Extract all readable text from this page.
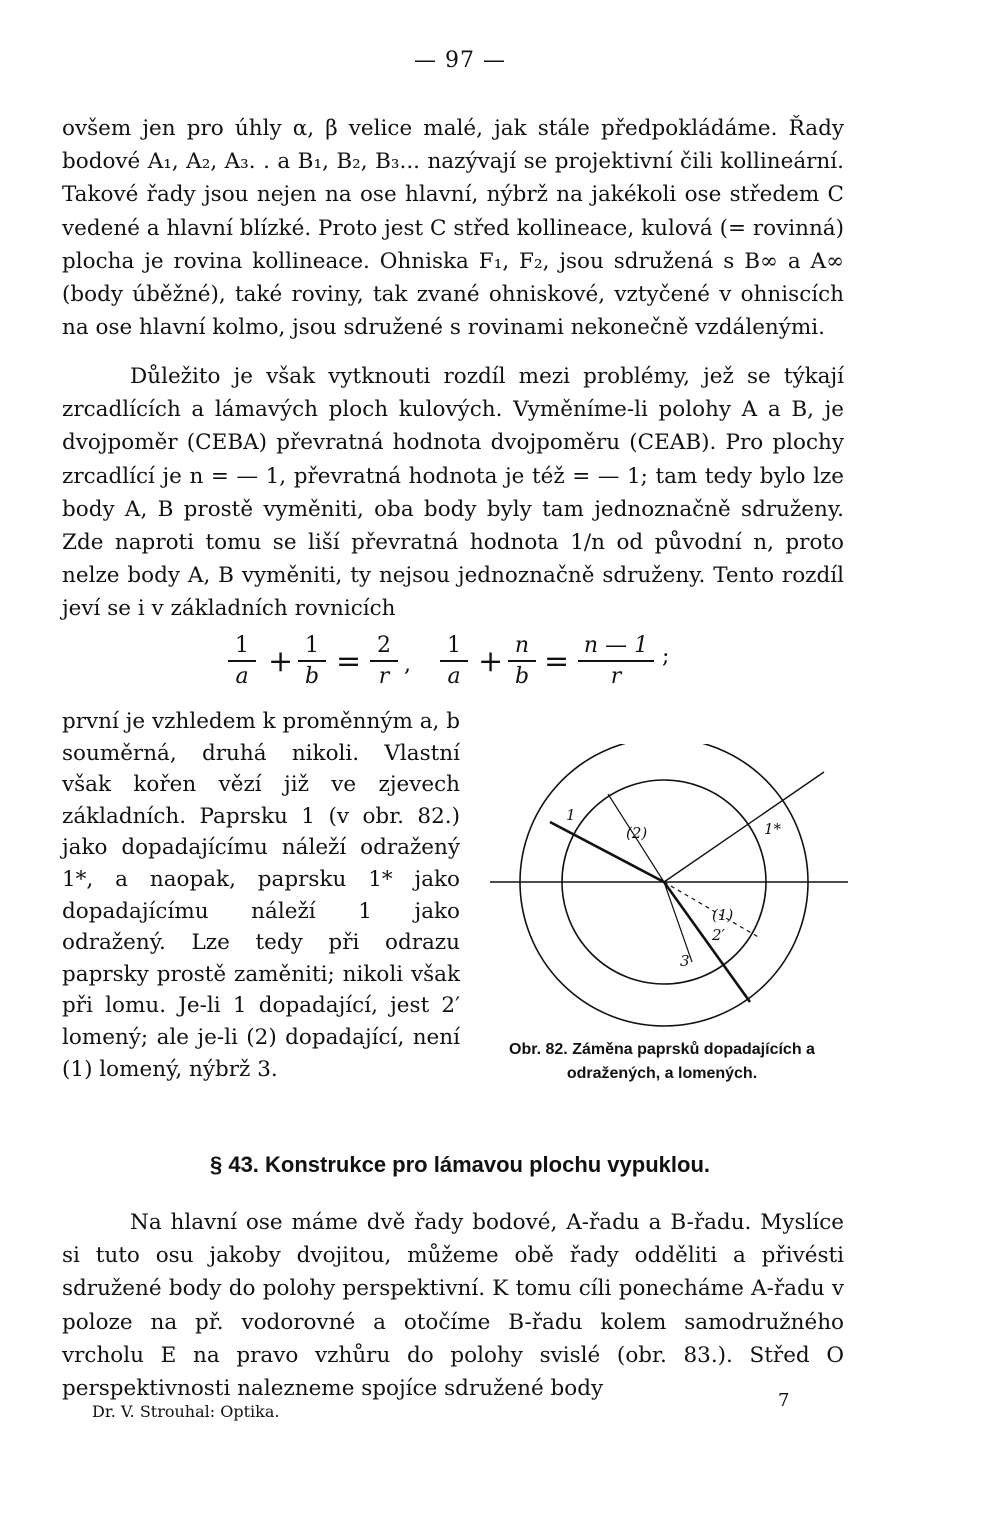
— 97 —
ovšem jen pro úhly α, β velice malé, jak stále předpokládáme. Řady bodové A₁, A₂, A₃. . a B₁, B₂, B₃... nazývají se projektivní čili kollineární. Takové řady jsou nejen na ose hlavní, nýbrž na jakékoli ose středem C vedené a hlavní blízké. Proto jest C střed kollineace, kulová (= rovinná) plocha je rovina kollineace. Ohniska F₁, F₂, jsou sdružená s B∞ a A∞ (body úběžné), také roviny, tak zvané ohniskové, vztyčené v ohniscích na ose hlavní kolmo, jsou sdružené s rovinami nekonečně vzdálenými.
Důležito je však vytknouti rozdíl mezi problémy, jež se týkají zrcadlících a lámavých ploch kulových. Vyměníme-li polohy A a B, je dvojpoměr (CEBA) převratná hodnota dvojpoměru (CEAB). Pro plochy zrcadlící je n = — 1, převratná hodnota je též = — 1; tam tedy bylo lze body A, B prostě vyměniti, oba body byly tam jednoznačně sdruženy. Zde naproti tomu se liší převratná hodnota 1/n od původní n, proto nelze body A, B vyměniti, ty nejsou jednoznačně sdruženy. Tento rozdíl jeví se i v základních rovnicích
$\frac{1}{a} + \frac{1}{b} = \frac{2}{r}$ , $\frac{1}{a} + \frac{n}{b} = \frac{n — 1}{r}$ ;
první je vzhledem k proměnným a, b souměrná, druhá nikoli. Vlastní však kořen vězí již ve zjevech základních. Paprsku 1 (v obr. 82.) jako dopadajícímu náleží odražený 1*, a naopak, paprsku 1* jako dopadajícímu náleží 1 jako odražený. Lze tedy při odrazu paprsky prostě zaměniti; nikoli však při lomu. Je-li 1 dopadající, jest 2′ lomený; ale je-li (2) dopadající, není (1) lomený, nýbrž 3.
1
(2)	1*
(1)
2′
3
Obr. 82. Záměna paprsků dopadajících a odražených, a lomených.
§ 43. Konstrukce pro lámavou plochu vypuklou.
Na hlavní ose máme dvě řady bodové, A-řadu a B-řadu. Myslíce si tuto osu jakoby dvojitou, můžeme obě řady odděliti a přivésti sdružené body do polohy perspektivní. K tomu cíli ponecháme A-řadu v poloze na př. vodorovné a otočíme B-řadu kolem samodružného vrcholu E na pravo vzhůru do polohy svislé (obr. 83.). Střed O perspektivnosti nalezneme spojíce sdružené body
Dr. V. Strouhal: Optika.
7
